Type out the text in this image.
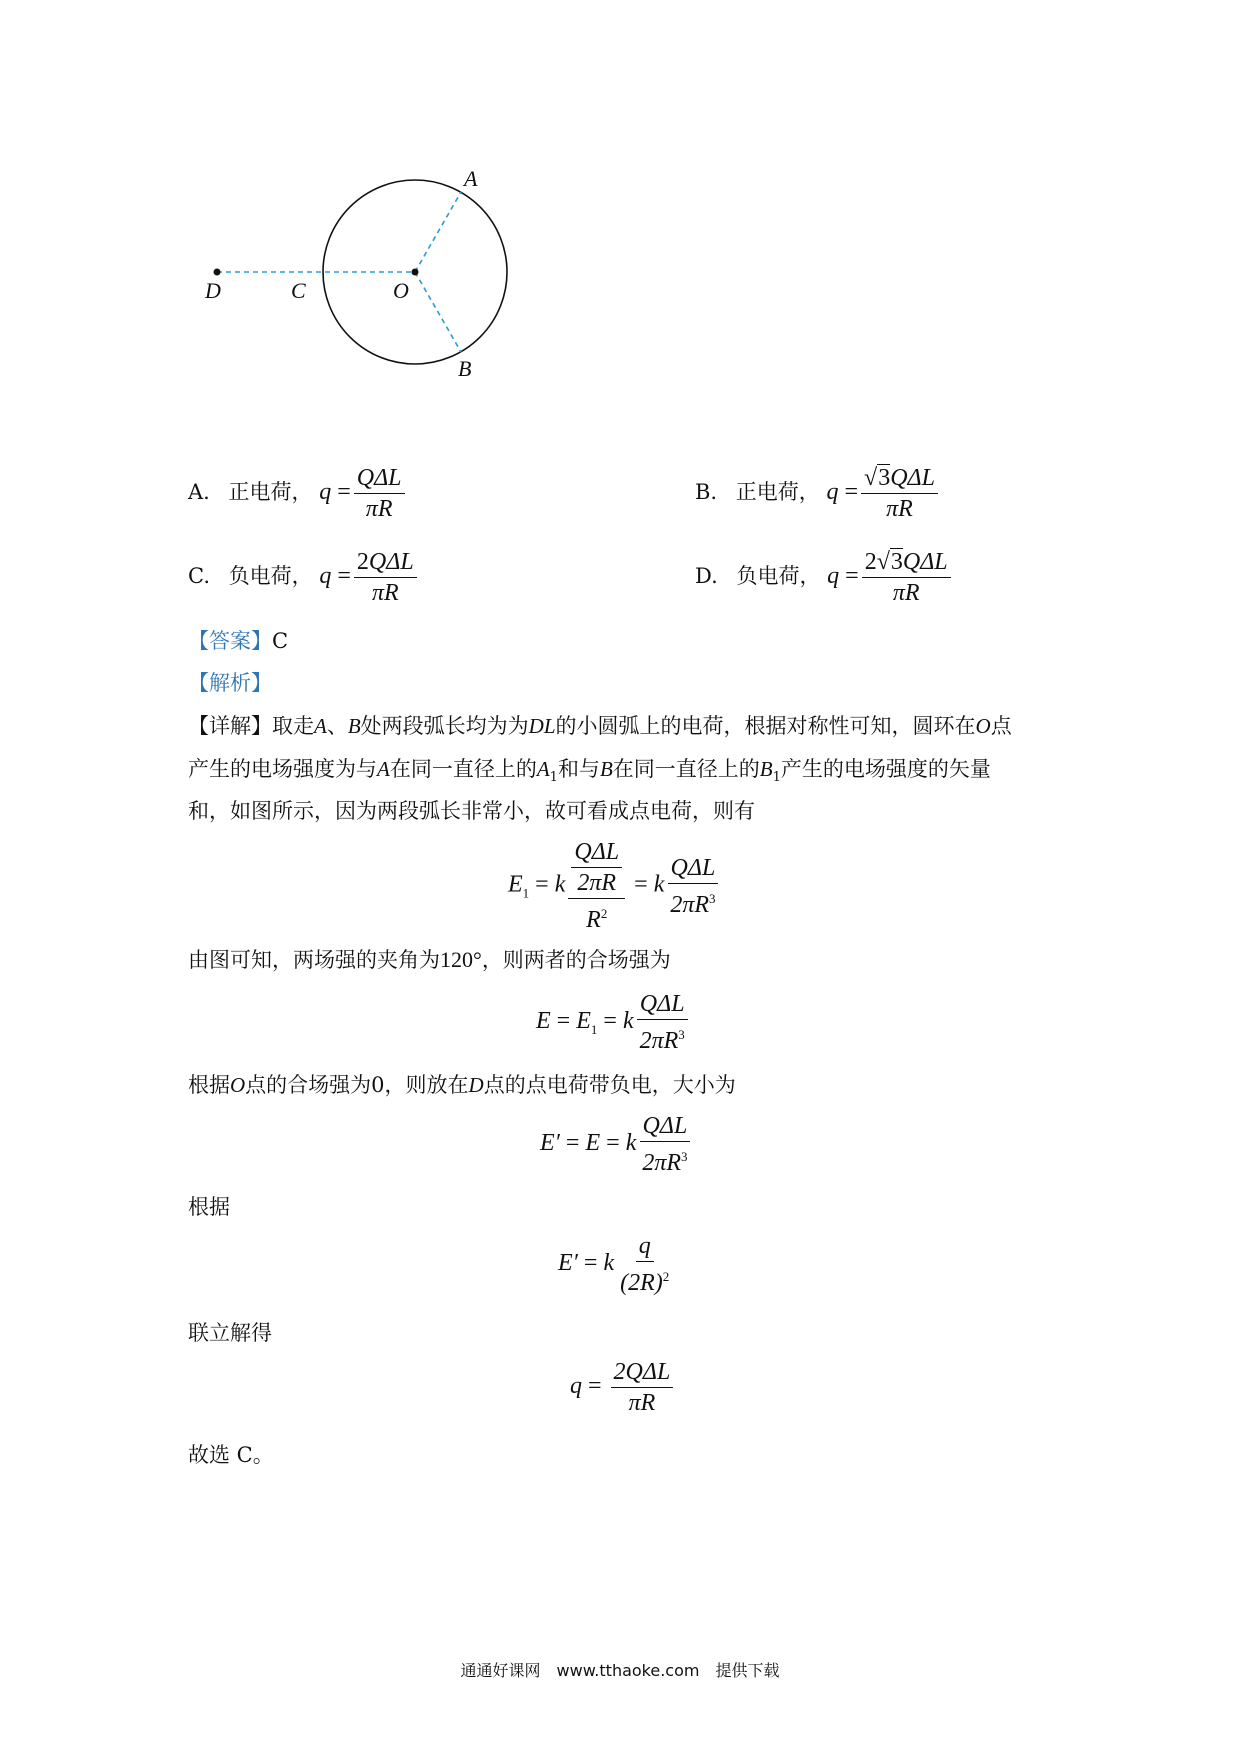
A
B
C
D	O
A. 正电荷， $q = \frac{\text{QΔL}}{\pi R}$	B. 正电荷， $q = \frac{\text{√3QΔL}}{\pi R}$
C. 负电荷， $q = \frac{\text{2QΔL}}{\pi R}$	D. 负电荷， $q = \frac{\text{2√3QΔL}}{\pi R}$
【答案】C
【解析】
【详解】取走A、B处两段弧长均为为DL的小圆弧上的电荷，根据对称性可知，圆环在O点
产生的电场强度为与A在同一直径上的$A_1$和与B在同一直径上的$B_1$产生的电场强度的矢量
和，如图所示，因为两段弧长非常小，故可看成点电荷，则有
$E_1 = k \frac{\frac{\text{QΔL}}{2\pi R}}{R^2} = k \frac{\text{QΔL}}{2\pi R^3}$
由图可知，两场强的夹角为120°，则两者的合场强为
$E = E_1 = k \frac{\text{QΔL}}{2\pi R^3}$
根据O点的合场强为0，则放在D点的点电荷带负电，大小为
E′ = E = k $\frac{\text{QΔL}}{2\pi R^3}$
根据
E′ = k $\frac{q}{(2R)^2}$
联立解得
$q = \frac{\text{2QΔL}}{\pi R}$
故选 C。
通通好课网　www.tthaoke.com　提供下载
